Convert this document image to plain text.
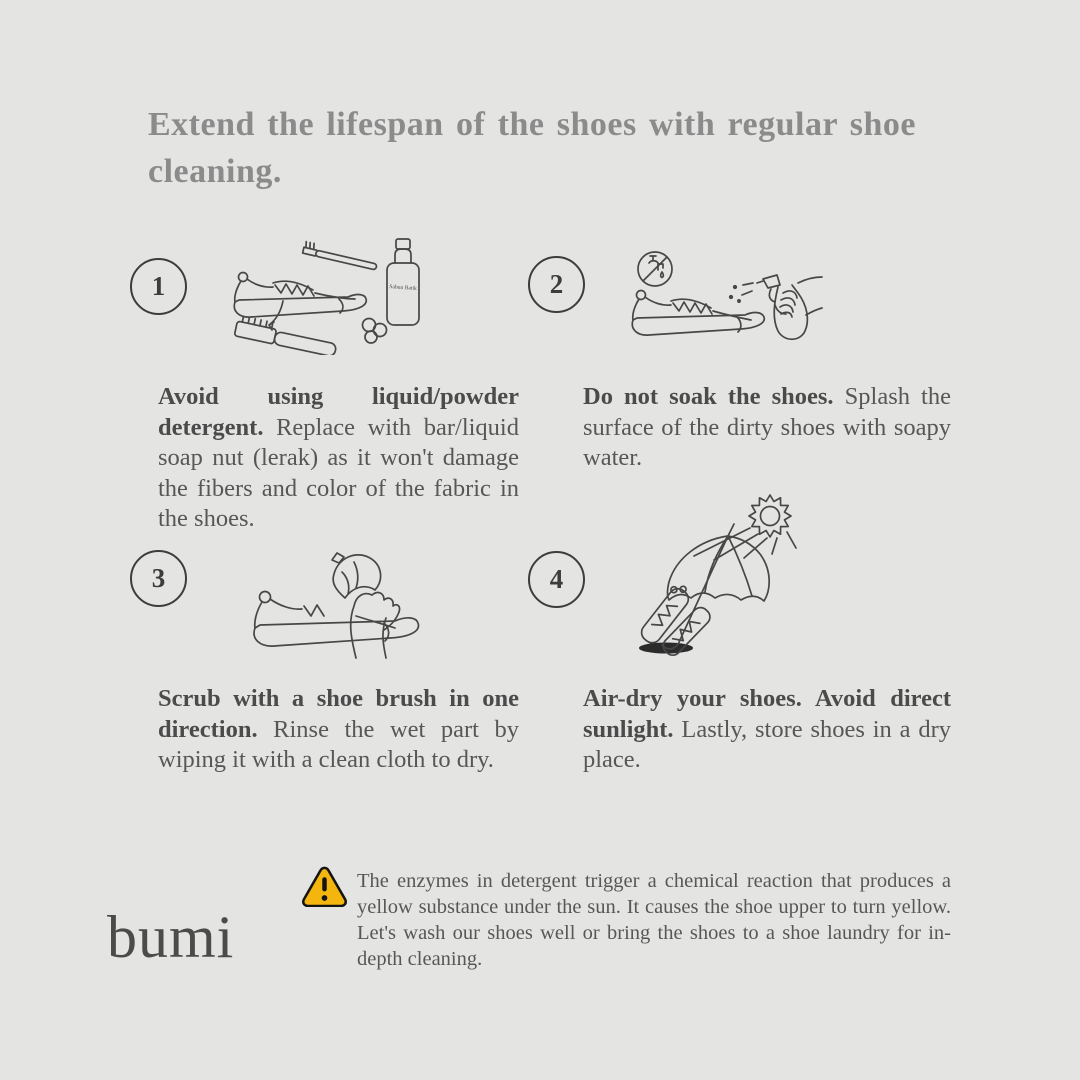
Extend the lifespan of the shoes with regular shoe cleaning.
1	Sabun Batik

Avoid using liquid/powder detergent. Replace with bar/liquid soap nut (lerak) as it won't damage the fibers and color of the fabric in the shoes.

2

Do not soak the shoes. Splash the surface of the dirty shoes with soapy water.

3

Scrub with a shoe brush in one direction. Rinse the wet part by wiping it with a clean cloth to dry.

4

Air-dry your shoes. Avoid direct sunlight. Lastly, store shoes in a dry place.

The enzymes in detergent trigger a chemical reaction that produces a yellow substance under the sun. It causes the shoe upper to turn yellow. Let's wash our shoes well or bring the shoes to a shoe laundry for in-depth cleaning.

bumi
